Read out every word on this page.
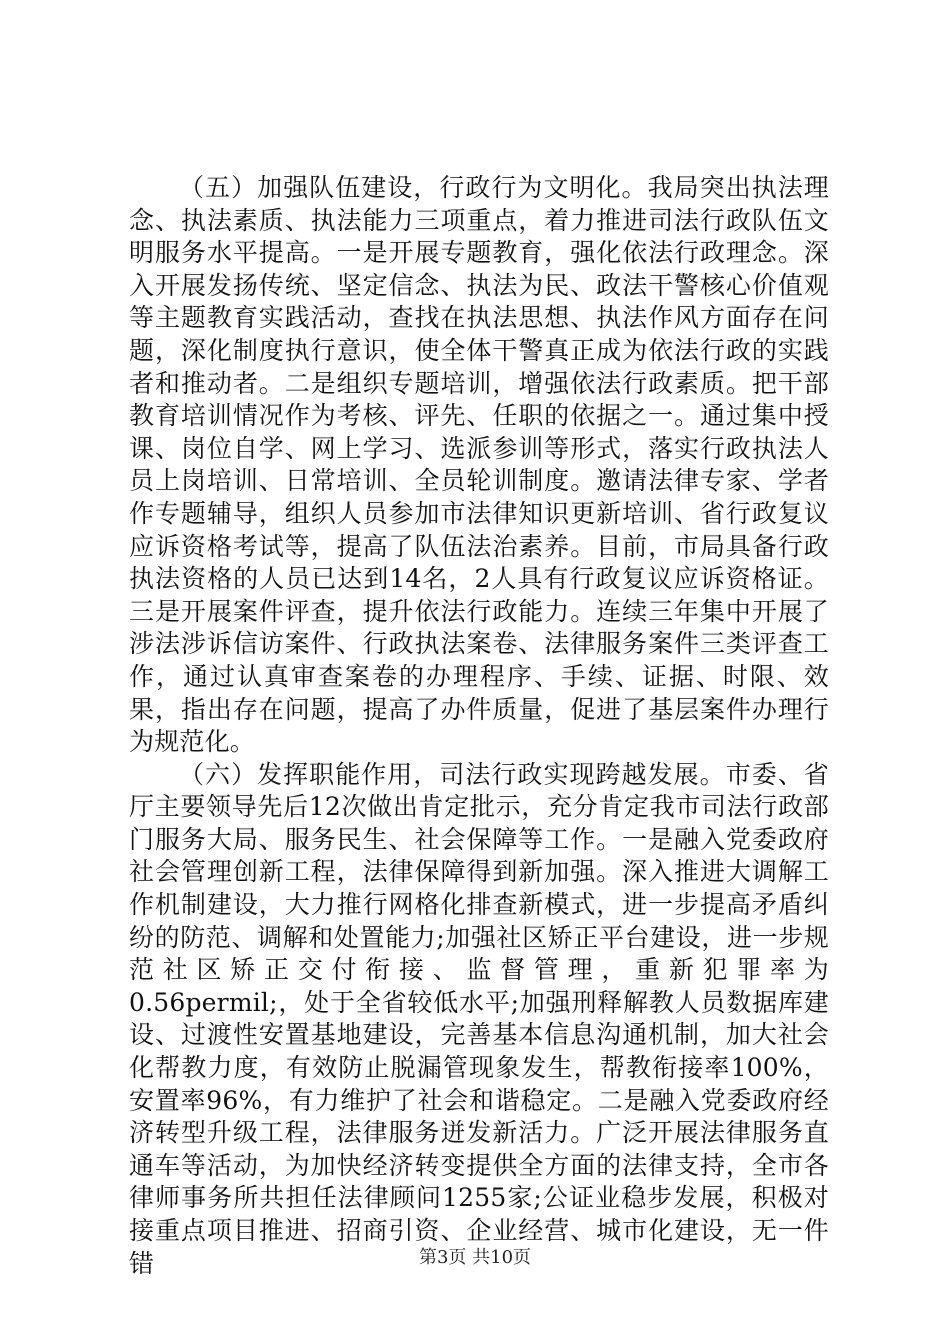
（五）加强队伍建设，行政行为文明化。我局突出执法理念、执法素质、执法能力三项重点，着力推进司法行政队伍文明服务水平提高。一是开展专题教育，强化依法行政理念。深入开展发扬传统、坚定信念、执法为民、政法干警核心价值观等主题教育实践活动，查找在执法思想、执法作风方面存在问题，深化制度执行意识，使全体干警真正成为依法行政的实践者和推动者。二是组织专题培训，增强依法行政素质。把干部教育培训情况作为考核、评先、任职的依据之一。通过集中授课、岗位自学、网上学习、选派参训等形式，落实行政执法人员上岗培训、日常培训、全员轮训制度。邀请法律专家、学者作专题辅导，组织人员参加市法律知识更新培训、省行政复议应诉资格考试等，提高了队伍法治素养。目前，市局具备行政执法资格的人员已达到14名，2人具有行政复议应诉资格证。三是开展案件评查，提升依法行政能力。连续三年集中开展了涉法涉诉信访案件、行政执法案卷、法律服务案件三类评查工作，通过认真审查案卷的办理程序、手续、证据、时限、效果，指出存在问题，提高了办件质量，促进了基层案件办理行为规范化。

（六）发挥职能作用，司法行政实现跨越发展。市委、省厅主要领导先后12次做出肯定批示，充分肯定我市司法行政部门服务大局、服务民生、社会保障等工作。一是融入党委政府社会管理创新工程，法律保障得到新加强。深入推进大调解工作机制建设，大力推行网格化排查新模式，进一步提高矛盾纠纷的防范、调解和处置能力;加强社区矫正平台建设，进一步规范社区矫正交付衔接、监督管理，重新犯罪率为0.56permil;，处于全省较低水平;加强刑释解教人员数据库建设、过渡性安置基地建设，完善基本信息沟通机制，加大社会化帮教力度，有效防止脱漏管现象发生，帮教衔接率100%，安置率96%，有力维护了社会和谐稳定。二是融入党委政府经济转型升级工程，法律服务迸发新活力。广泛开展法律服务直通车等活动，为加快经济转变提供全方面的法律支持，全市各律师事务所共担任法律顾问1255家;公证业稳步发展，积极对接重点项目推进、招商引资、企业经营、城市化建设，无一件错	第3页 共10页
